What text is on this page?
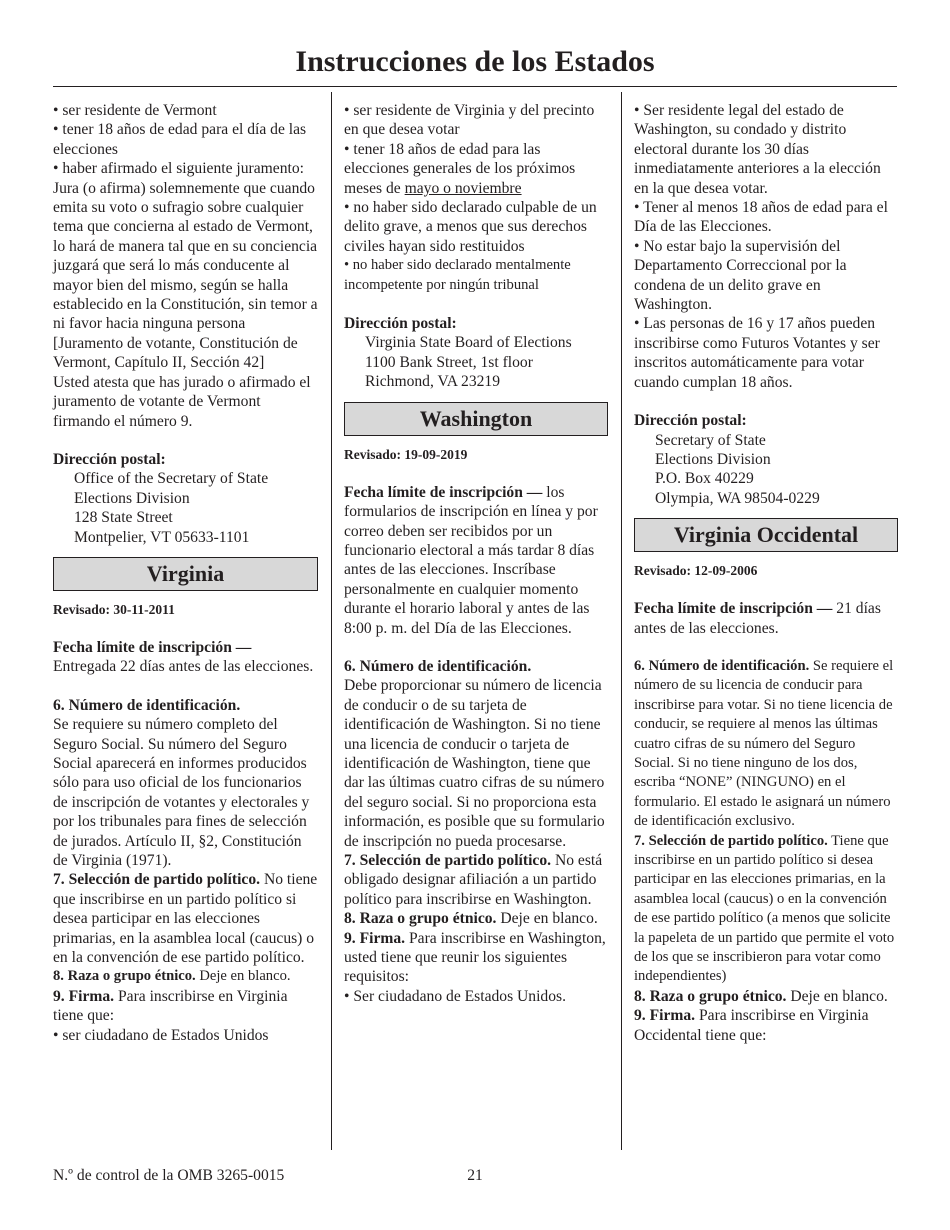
Instrucciones de los Estados

• ser residente de Vermont

• tener 18 años de edad para el día de las elecciones

• haber afirmado el siguiente juramento: Jura (o afirma) solemnemente que cuando emita su voto o sufragio sobre cualquier tema que concierna al estado de Vermont, lo hará de manera tal que en su conciencia juzgará que será lo más conducente al mayor bien del mismo, según se halla establecido en la Constitución, sin temor a ni favor hacia ninguna persona [Juramento de votante, Constitución de Vermont, Capítulo II, Sección 42]

Usted atesta que has jurado o afirmado el juramento de votante de Vermont firmando el número 9.

Dirección postal:

Office of the Secretary of State

Elections Division

128 State Street

Montpelier, VT 05633-1101

Virginia

Revisado: 30-11-2011

Fecha límite de inscripción — Entregada 22 días antes de las elecciones.

6. Número de identificación.

Se requiere su número completo del Seguro Social. Su número del Seguro Social aparecerá en informes producidos sólo para uso oficial de los funcionarios de inscripción de votantes y electorales y por los tribunales para fines de selección de jurados. Artículo II, §2, Constitución de Virginia (1971).

7. Selección de partido político. No tiene que inscribirse en un partido político si desea participar en las elecciones primarias, en la asamblea local (caucus) o en la convención de ese partido político.

8. Raza o grupo étnico. Deje en blanco.

9. Firma. Para inscribirse en Virginia tiene que:

• ser ciudadano de Estados Unidos

• ser residente de Virginia y del precinto en que desea votar

• tener 18 años de edad para las elecciones generales de los próximos meses de mayo o noviembre

• no haber sido declarado culpable de un delito grave, a menos que sus derechos civiles hayan sido restituidos

• no haber sido declarado mentalmente incompetente por ningún tribunal

Dirección postal:

Virginia State Board of Elections

1100 Bank Street, 1st floor

Richmond, VA 23219

Washington

Revisado: 19-09-2019

Fecha límite de inscripción — los formularios de inscripción en línea y por correo deben ser recibidos por un funcionario electoral a más tardar 8 días antes de las elecciones. Inscríbase personalmente en cualquier momento durante el horario laboral y antes de las 8:00 p. m. del Día de las Elecciones.

6. Número de identificación.

Debe proporcionar su número de licencia de conducir o de su tarjeta de identificación de Washington. Si no tiene una licencia de conducir o tarjeta de identificación de Washington, tiene que dar las últimas cuatro cifras de su número del seguro social. Si no proporciona esta información, es posible que su formulario de inscripción no pueda procesarse.

7. Selección de partido político. No está obligado designar afiliación a un partido político para inscribirse en Washington.

8. Raza o grupo étnico. Deje en blanco.

9. Firma. Para inscribirse en Washington, usted tiene que reunir los siguientes requisitos:

• Ser ciudadano de Estados Unidos.

• Ser residente legal del estado de Washington, su condado y distrito electoral durante los 30 días inmediatamente anteriores a la elección en la que desea votar.

• Tener al menos 18 años de edad para el Día de las Elecciones.

• No estar bajo la supervisión del Departamento Correccional por la condena de un delito grave en Washington.

• Las personas de 16 y 17 años pueden inscribirse como Futuros Votantes y ser inscritos automáticamente para votar cuando cumplan 18 años.

Dirección postal:

Secretary of State

Elections Division

P.O. Box 40229

Olympia, WA 98504-0229

Virginia Occidental

Revisado: 12-09-2006

Fecha límite de inscripción — 21 días antes de las elecciones.

6. Número de identificación. Se requiere el número de su licencia de conducir para inscribirse para votar. Si no tiene licencia de conducir, se requiere al menos las últimas cuatro cifras de su número del Seguro Social. Si no tiene ninguno de los dos, escriba “NONE” (NINGUNO) en el formulario. El estado le asignará un número de identificación exclusivo.

7. Selección de partido político. Tiene que inscribirse en un partido político si desea participar en las elecciones primarias, en la asamblea local (caucus) o en la convención de ese partido político (a menos que solicite la papeleta de un partido que permite el voto de los que se inscribieron para votar como independientes)

8. Raza o grupo étnico. Deje en blanco.

9. Firma. Para inscribirse en Virginia Occidental tiene que:

N.º de control de la OMB 3265-0015	21
